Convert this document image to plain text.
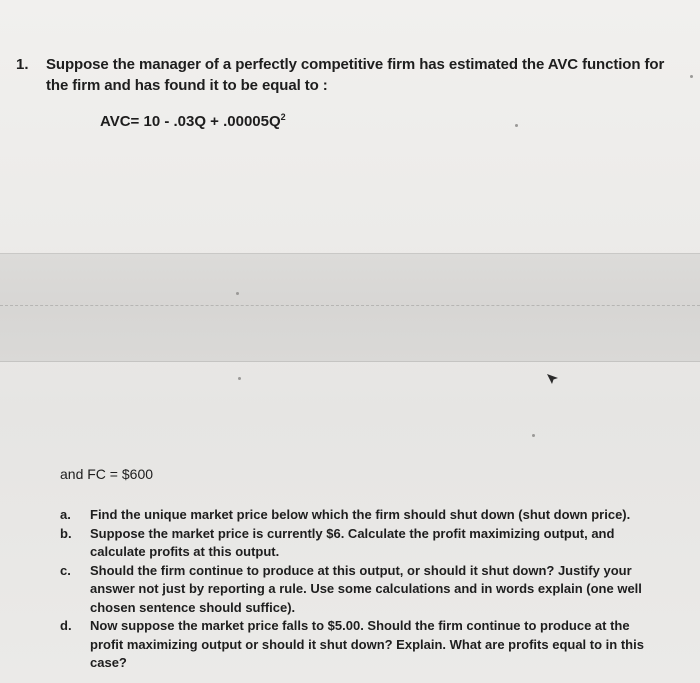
1.	Suppose the manager of a perfectly competitive firm has estimated the AVC function for the firm and has found it to be equal to :
$AVC= 10 - .03Q + .00005Q^2$
and FC = $600
a.	Find the unique market price below which the firm should shut down (shut down price).
b.	Suppose the market price is currently $6. Calculate the profit maximizing output, and calculate profits at this output.
c.	Should the firm continue to produce at this output, or should it shut down? Justify your answer not just by reporting a rule. Use some calculations and in words explain (one well chosen sentence should suffice).
d.	Now suppose the market price falls to $5.00. Should the firm continue to produce at the profit maximizing output or should it shut down? Explain. What are profits equal to in this case?
